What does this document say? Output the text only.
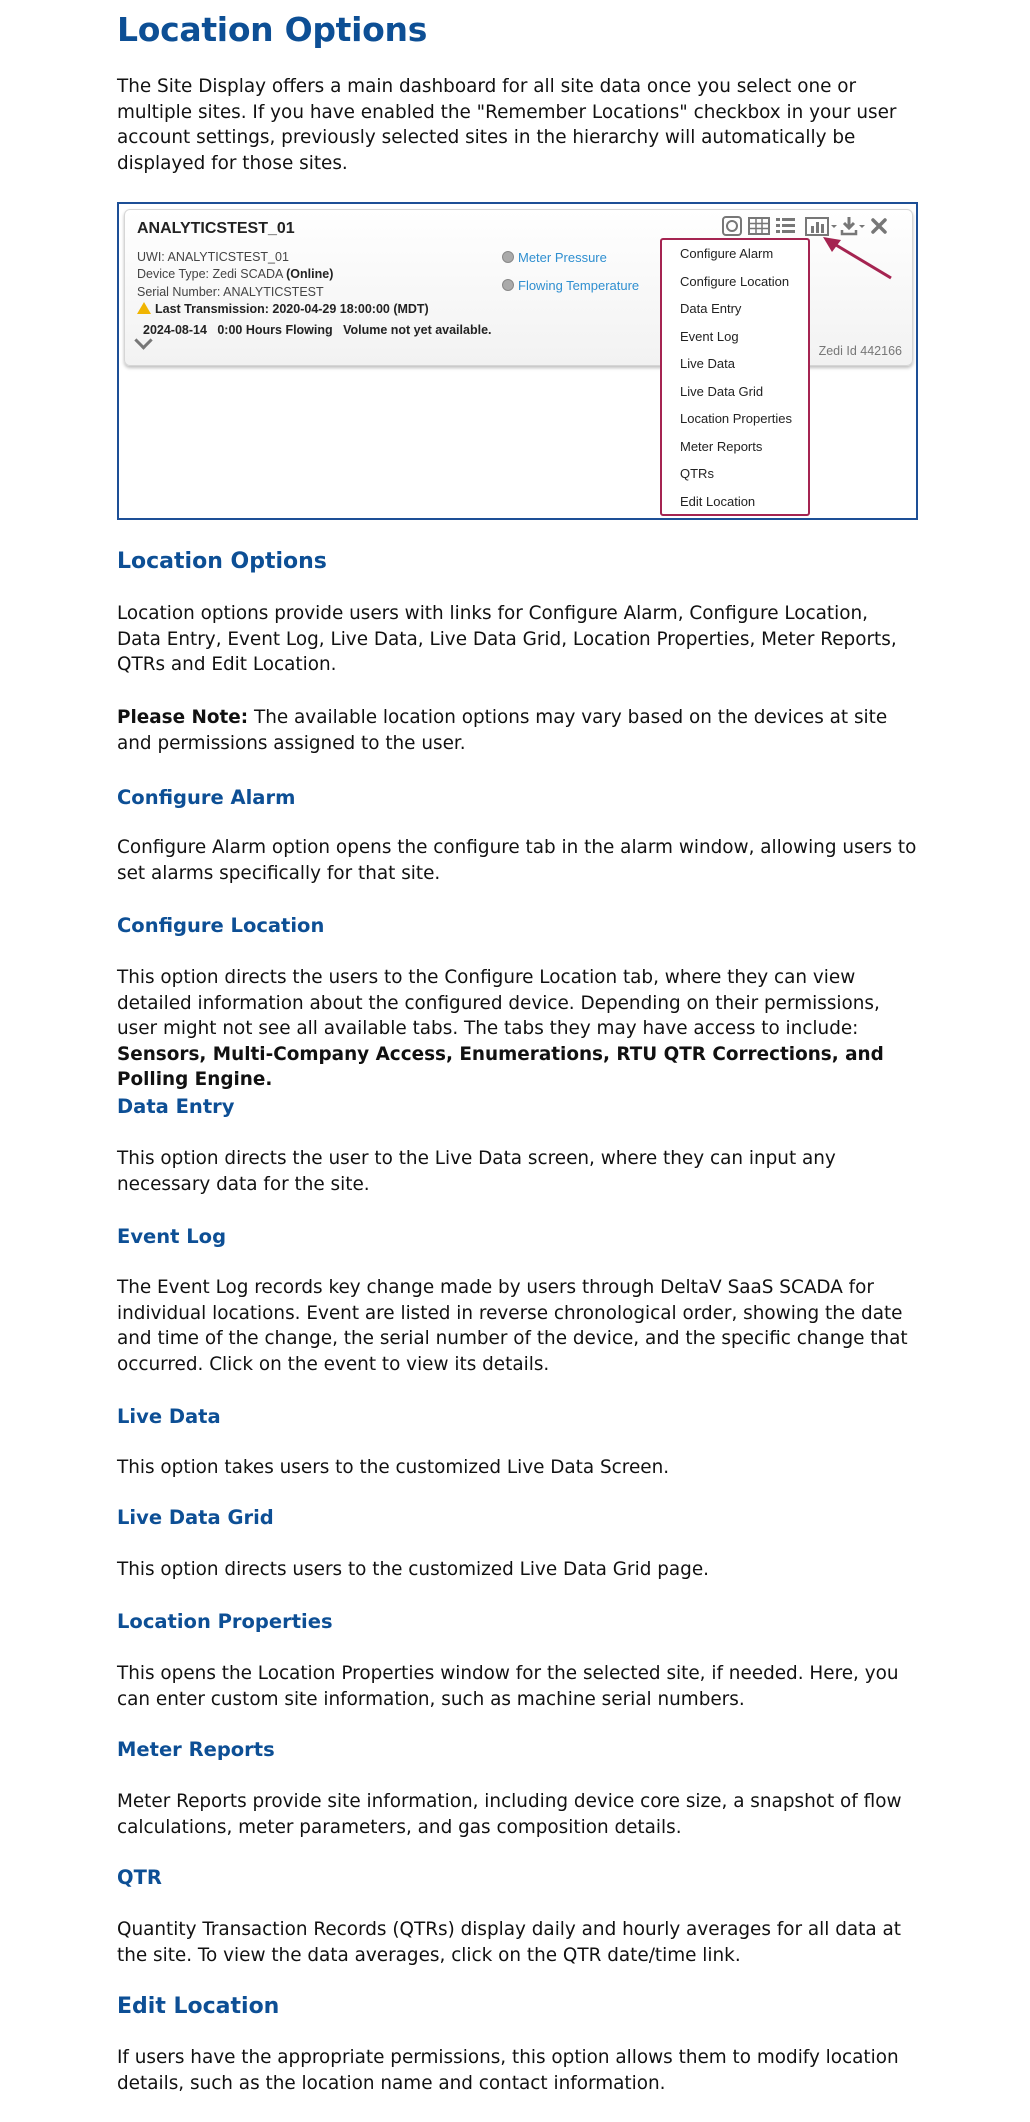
Location Options

The Site Display offers a main dashboard for all site data once you select one or multiple sites. If you have enabled the "Remember Locations" checkbox in your user account settings, previously selected sites in the hierarchy will automatically be displayed for those sites.

ANALYTICSTEST_01
UWI: ANALYTICSTEST_01
Device Type: Zedi SCADA (Online)
Serial Number: ANALYTICSTEST
Last Transmission: 2020-04-29 18:00:00 (MDT)
2024-08-14   0:00 Hours Flowing   Volume not yet available.
Zedi Id 442166
Meter Pressure
Flowing Temperature
Configure Alarm
Configure Location
Data Entry
Event Log
Live Data
Live Data Grid
Location Properties
Meter Reports
QTRs
Edit Location
Location Options

Location options provide users with links for Configure Alarm, Configure Location, Data Entry, Event Log, Live Data, Live Data Grid, Location Properties, Meter Reports, QTRs and Edit Location.

Please Note: The available location options may vary based on the devices at site and permissions assigned to the user.

Configure Alarm

Configure Alarm option opens the configure tab in the alarm window, allowing users to set alarms specifically for that site.

Configure Location

This option directs the users to the Configure Location tab, where they can view detailed information about the configured device. Depending on their permissions, user might not see all available tabs. The tabs they may have access to include: Sensors, Multi-Company Access, Enumerations, RTU QTR Corrections, and Polling Engine.

Data Entry

This option directs the user to the Live Data screen, where they can input any necessary data for the site.

Event Log

The Event Log records key change made by users through DeltaV SaaS SCADA for individual locations. Event are listed in reverse chronological order, showing the date and time of the change, the serial number of the device, and the specific change that occurred. Click on the event to view its details.

Live Data

This option takes users to the customized Live Data Screen.

Live Data Grid

This option directs users to the customized Live Data Grid page.

Location Properties

This opens the Location Properties window for the selected site, if needed. Here, you can enter custom site information, such as machine serial numbers.

Meter Reports

Meter Reports provide site information, including device core size, a snapshot of flow calculations, meter parameters, and gas composition details.

QTR

Quantity Transaction Records (QTRs) display daily and hourly averages for all data at the site. To view the data averages, click on the QTR date/time link.

Edit Location

If users have the appropriate permissions, this option allows them to modify location details, such as the location name and contact information.
